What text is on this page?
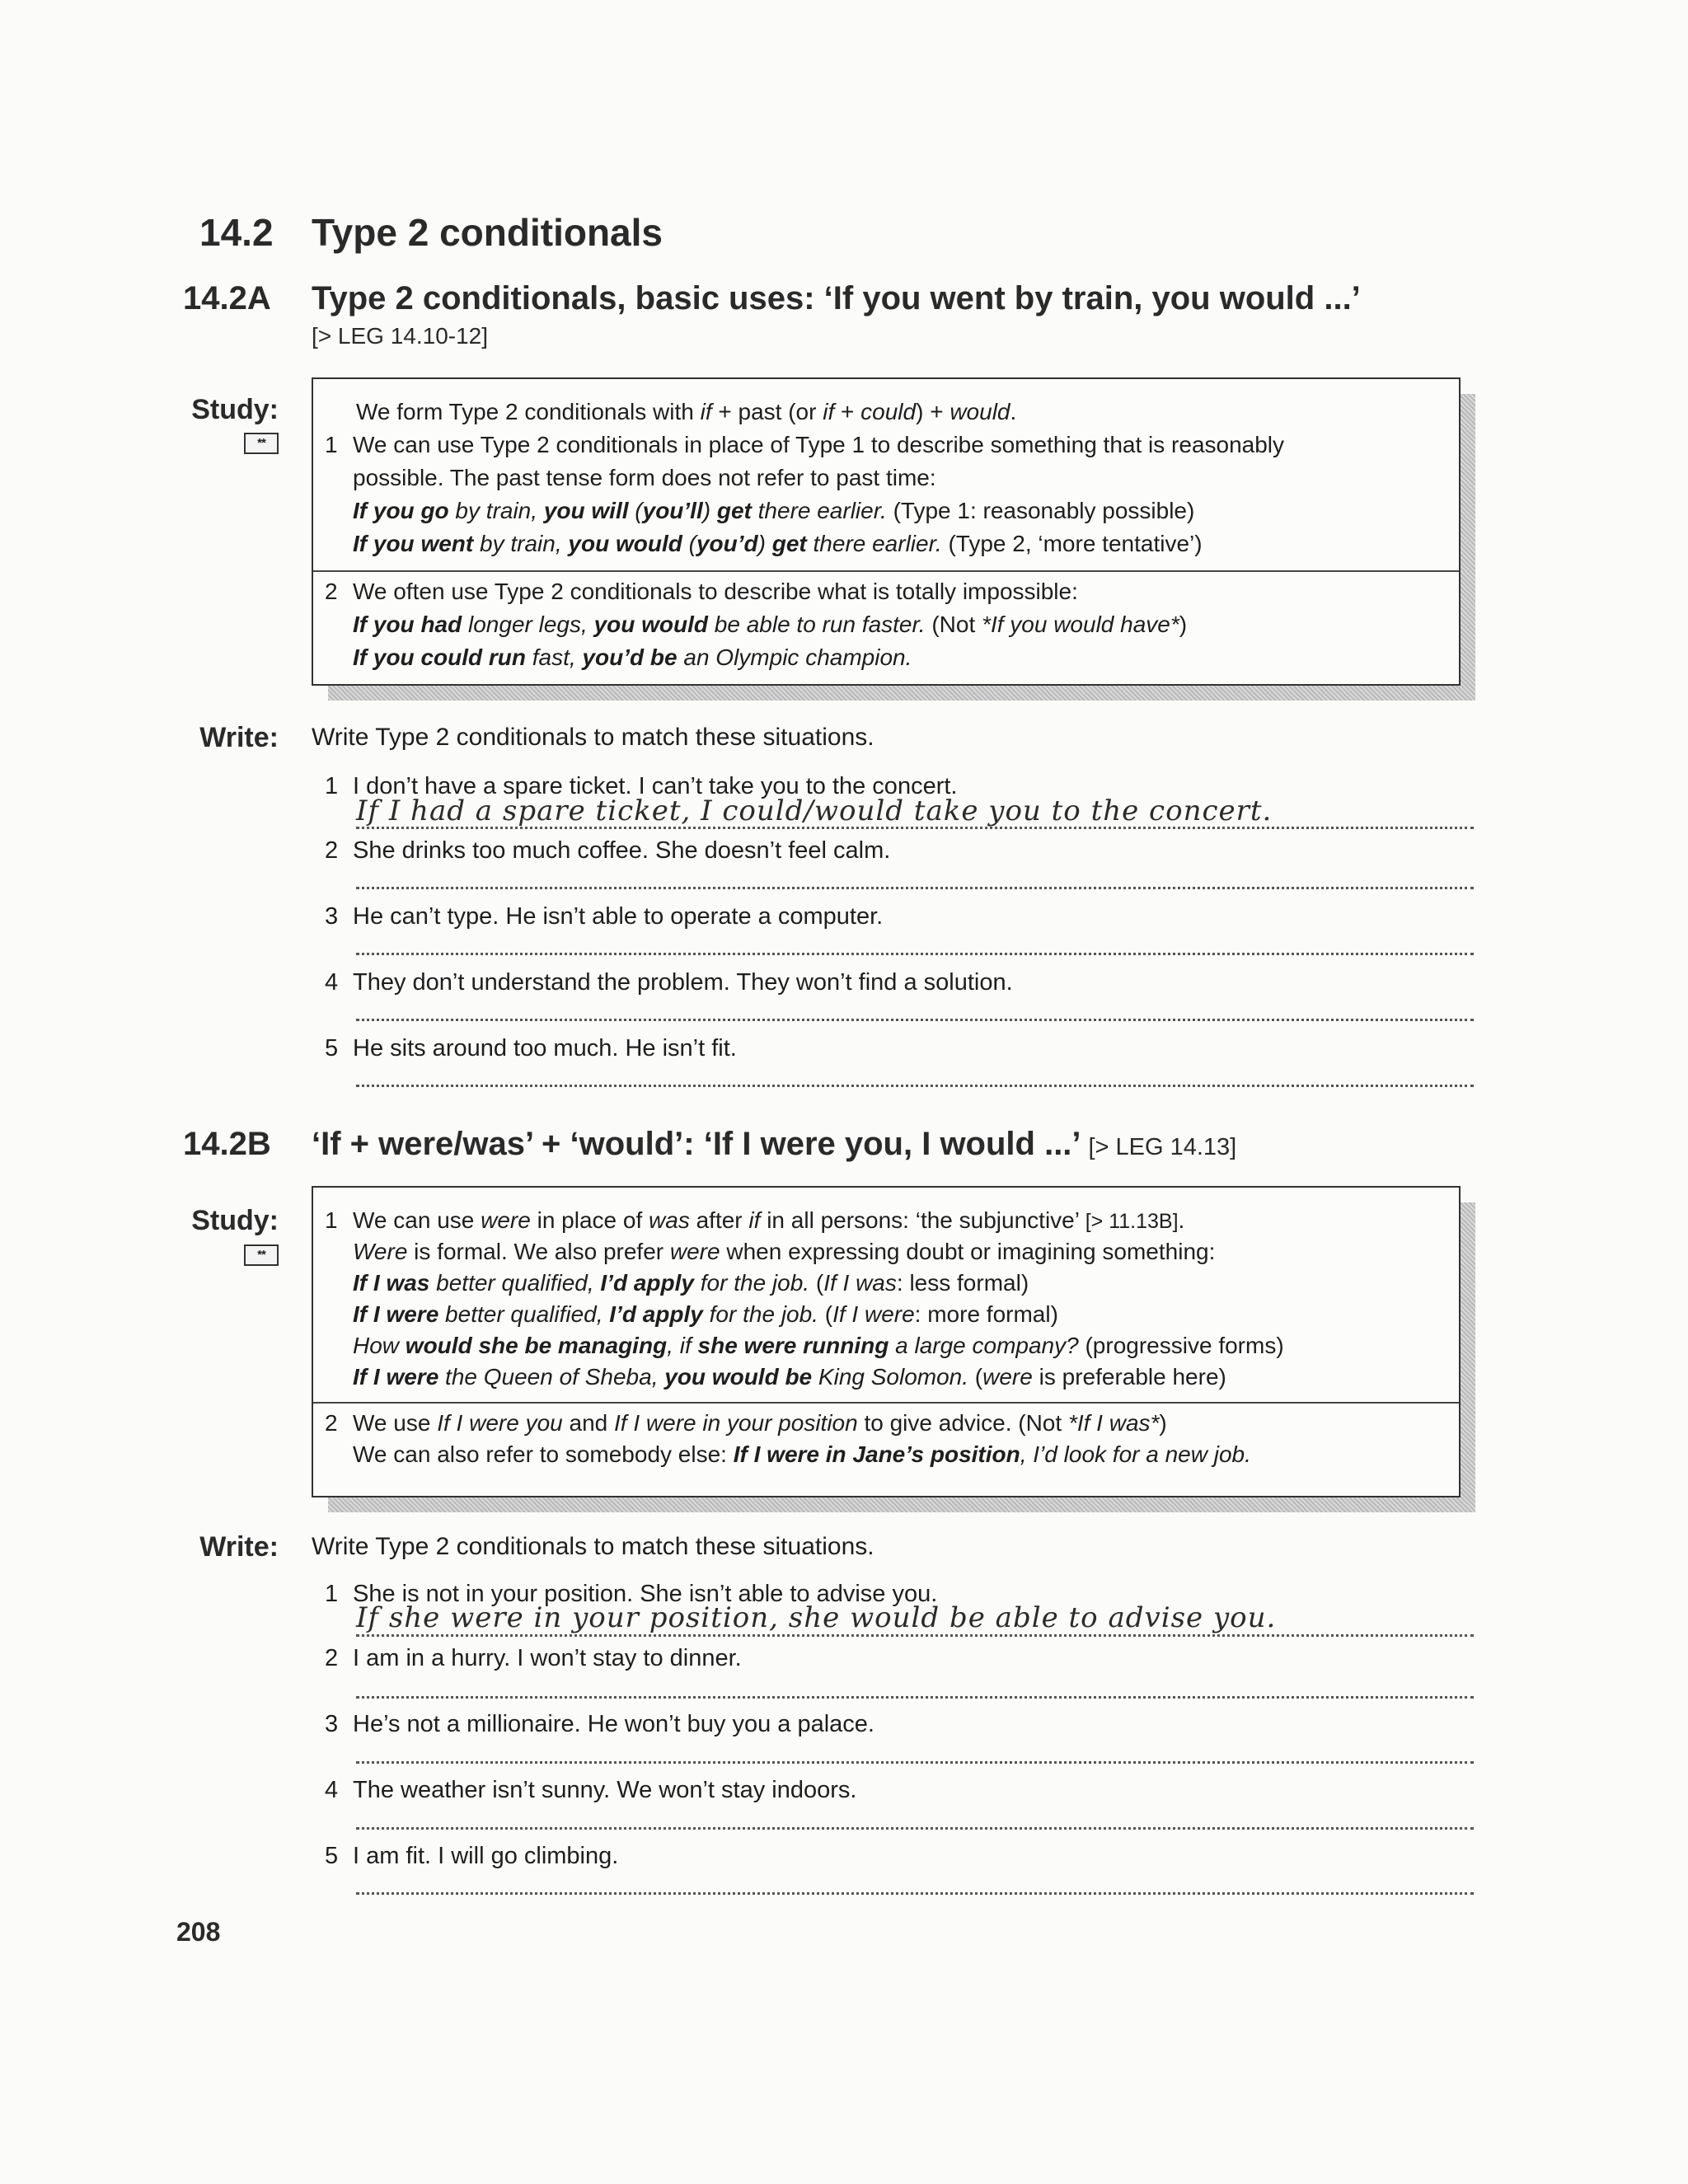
14.2 Type 2 conditionals
14.2A Type 2 conditionals, basic uses: ‘If you went by train, you would ...’
[> LEG 14.10-12]
Study:
**
We form Type 2 conditionals with if + past (or if + could) + would.
1 We can use Type 2 conditionals in place of Type 1 to describe something that is reasonably
possible. The past tense form does not refer to past time:
If you go by train, you will (you’ll) get there earlier. (Type 1: reasonably possible)
If you went by train, you would (you’d) get there earlier. (Type 2, ‘more tentative’)
2 We often use Type 2 conditionals to describe what is totally impossible:
If you had longer legs, you would be able to run faster. (Not *If you would have*)
If you could run fast, you’d be an Olympic champion.
Write: Write Type 2 conditionals to match these situations.
1 I don’t have a spare ticket. I can’t take you to the concert.
If I had a spare ticket, I could/would take you to the concert.
2 She drinks too much coffee. She doesn’t feel calm.
3 He can’t type. He isn’t able to operate a computer.
4 They don’t understand the problem. They won’t find a solution.
5 He sits around too much. He isn’t fit.
14.2B ‘If + were/was’ + ‘would’: ‘If I were you, I would ...’ [> LEG 14.13]
Study:
**
1 We can use were in place of was after if in all persons: ‘the subjunctive’ [> 11.13B].
Were is formal. We also prefer were when expressing doubt or imagining something:
If I was better qualified, I’d apply for the job. (If I was: less formal)
If I were better qualified, I’d apply for the job. (If I were: more formal)
How would she be managing, if she were running a large company? (progressive forms)
If I were the Queen of Sheba, you would be King Solomon. (were is preferable here)
2 We use If I were you and If I were in your position to give advice. (Not *If I was*)
We can also refer to somebody else: If I were in Jane’s position, I’d look for a new job.
Write: Write Type 2 conditionals to match these situations.
1 She is not in your position. She isn’t able to advise you.
If she were in your position, she would be able to advise you.
2 I am in a hurry. I won’t stay to dinner.
3 He’s not a millionaire. He won’t buy you a palace.
4 The weather isn’t sunny. We won’t stay indoors.
5 I am fit. I will go climbing.
208
